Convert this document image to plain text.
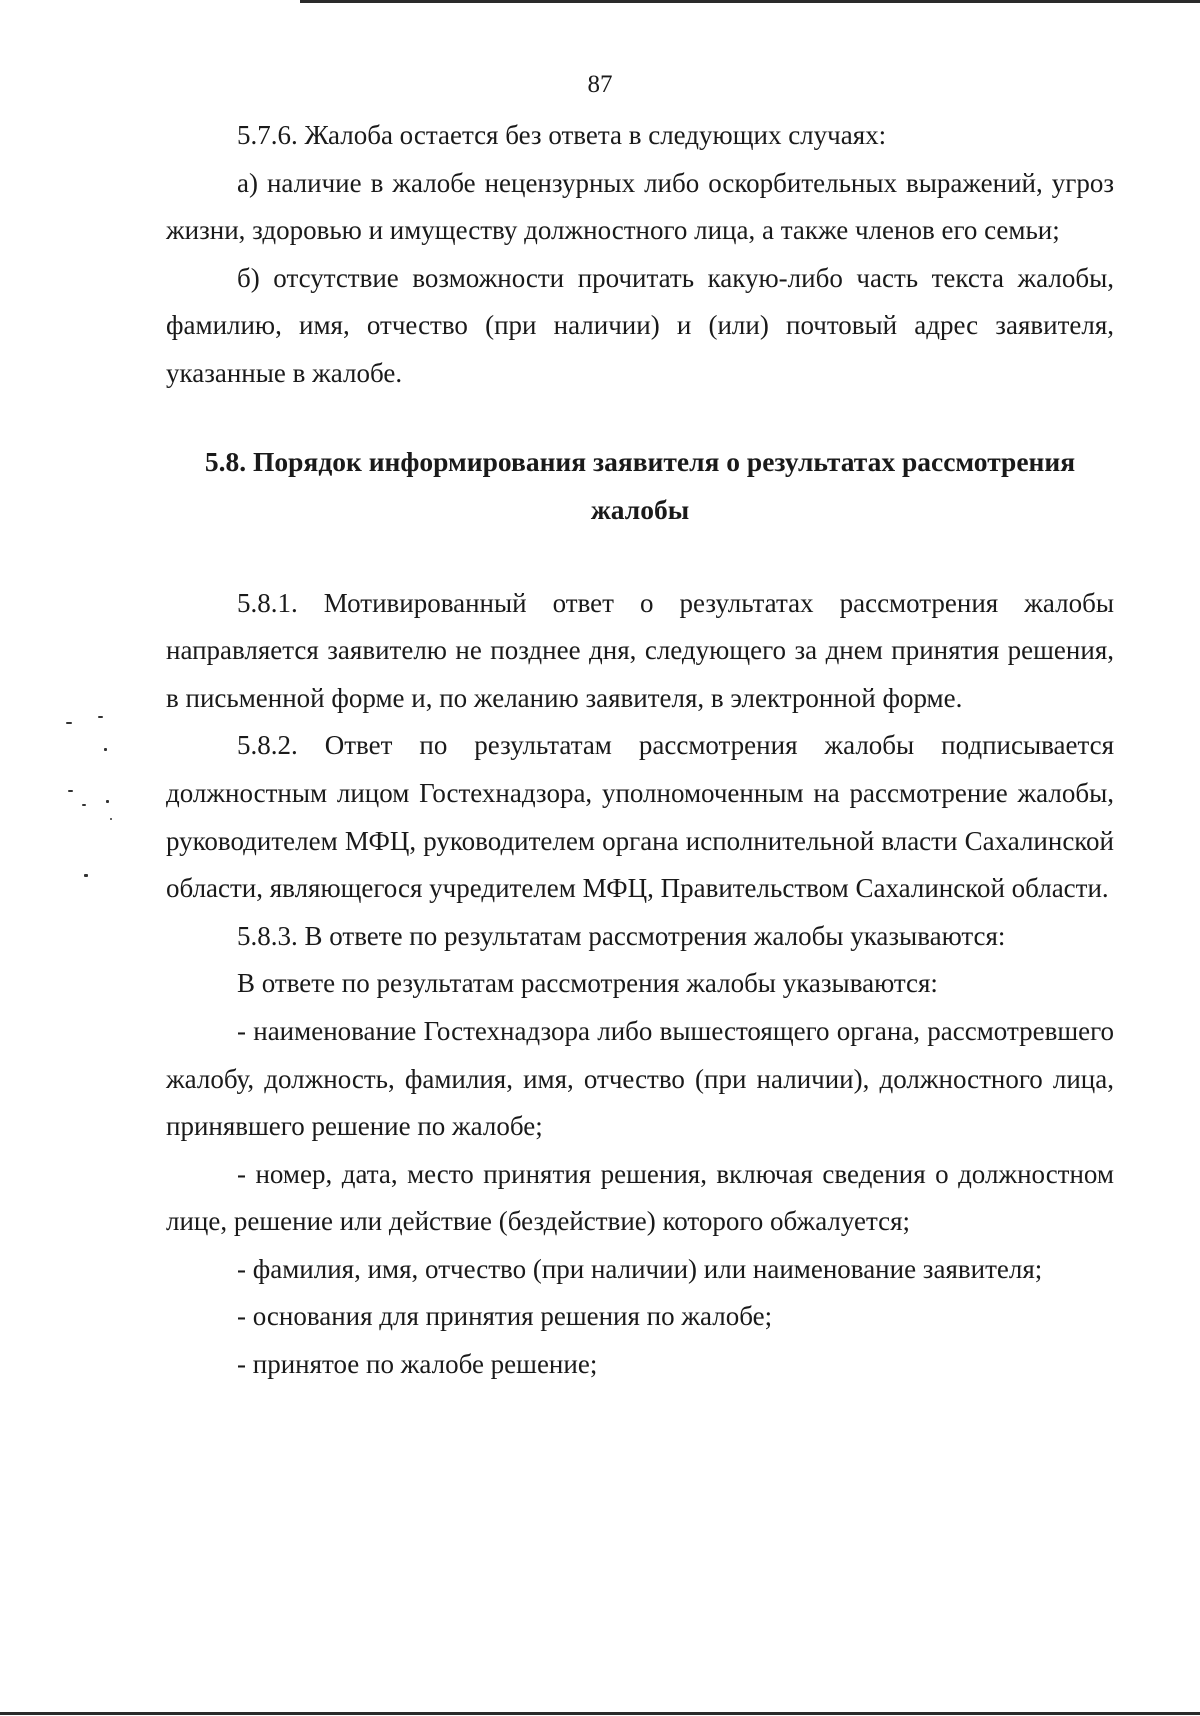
87

5.7.6. Жалоба остается без ответа в следующих случаях:

а) наличие в жалобе нецензурных либо оскорбительных выражений, угроз жизни, здоровью и имуществу должностного лица, а также членов его семьи;

б) отсутствие возможности прочитать какую-либо часть текста жалобы, фамилию, имя, отчество (при наличии) и (или) почтовый адрес заявителя, указанные в жалобе.

5.8. Порядок информирования заявителя о результатах рассмотрения жалобы

5.8.1. Мотивированный ответ о результатах рассмотрения жалобы направляется заявителю не позднее дня, следующего за днем принятия решения, в письменной форме и, по желанию заявителя, в электронной форме.

5.8.2. Ответ по результатам рассмотрения жалобы подписывается должностным лицом Гостехнадзора, уполномоченным на рассмотрение жалобы, руководителем МФЦ, руководителем органа исполнительной власти Сахалинской области, являющегося учредителем МФЦ, Правительством Сахалинской области.

5.8.3. В ответе по результатам рассмотрения жалобы указываются:

В ответе по результатам рассмотрения жалобы указываются:

- наименование Гостехнадзора либо вышестоящего органа, рассмотревшего жалобу, должность, фамилия, имя, отчество (при наличии), должностного лица, принявшего решение по жалобе;

- номер, дата, место принятия решения, включая сведения о должностном лице, решение или действие (бездействие) которого обжалуется;

- фамилия, имя, отчество (при наличии) или наименование заявителя;

- основания для принятия решения по жалобе;

- принятое по жалобе решение;
